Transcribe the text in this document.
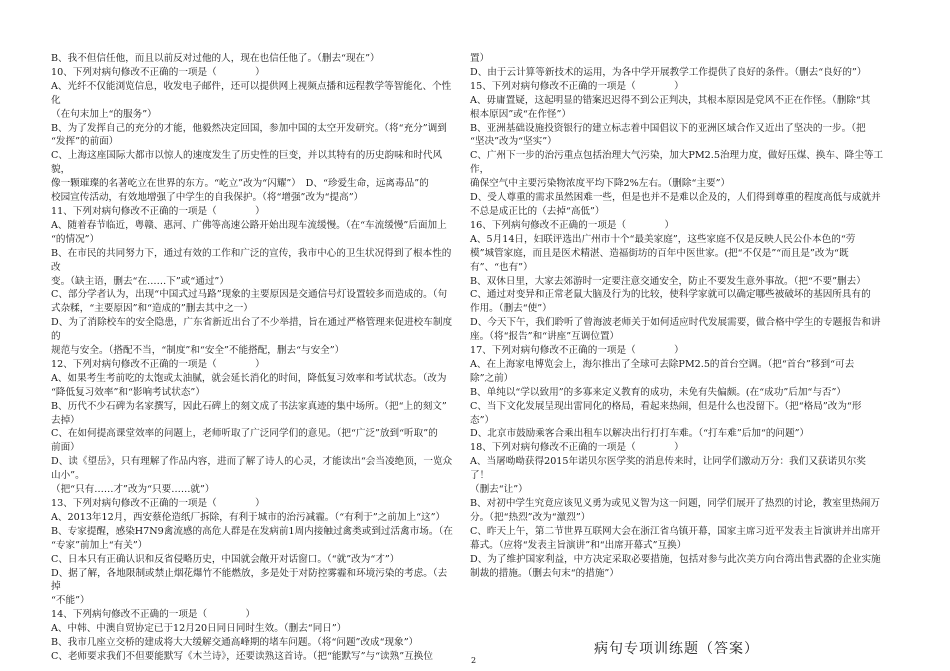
B、我不但信任他，而且以前反对过他的人，现在也信任他了。（删去“现在”）

10、下列对病句修改不正确的一项是（　　　　）

A、光纤不仅能浏览信息，收发电子邮件，还可以提供网上视频点播和远程教学等智能化、个性化

（在句末加上“的服务”）

B、为了发挥自己的充分的才能，他毅然决定回国，参加中国的太空开发研究。（将“充分”调到

“发挥”的前面）

C、上海这座国际大都市以惊人的速度发生了历史性的巨变，并以其特有的历史韵味和时代风貌，

像一颗璀璨的名著屹立在世界的东方。“屹立”改为“闪耀”）　D、“珍爱生命，远离毒品”的

校园宣传活动，有效地增强了中学生的自我保护。（将“增强”改为“提高”）

11、下列对病句修改不正确的一项是（　　　　）

A、随着春节临近，粤赣、惠河、广佛等高速公路开始出现车流缓慢。（在“车流缓慢”后面加上

“的情况”）

B、在市民的共同努力下，通过有效的工作和广泛的宣传，我市中心的卫生状况得到了根本性的改

变。（缺主语，删去“在……下”或“通过”）

C、部分学者认为，出现“中国式过马路”现象的主要原因是交通信号灯设置较多而造成的。（句

式杂糅，“主要原因”和“造成的”删去其中之一）

D、为了消除校车的安全隐患，广东省新近出台了不少举措，旨在通过严格管理来促进校车制度的

规范与安全。（搭配不当，“制度”和“安全”不能搭配，删去“与安全”）

12、下列对病句修改不正确的一项是（　　　　）

A、如果考生考前吃的太饱或太油腻，就会延长消化的时间，降低复习效率和考试状态。（改为

“降低复习效率”和“影响考试状态”）

B、历代不少石碑为名家撰写，因此石碑上的刻文成了书法家真迹的集中场所。（把“上的刻文”

去掉）

C、在如何提高课堂效率的问题上，老师听取了广泛同学们的意见。（把“广泛”放到“听取”的

前面）

D、读《望岳》，只有理解了作品内容，进而了解了诗人的心灵，才能读出“会当凌绝顶，一览众山小”。

（把“只有……才”改为“只要……就”）

13、下列对病句修改不正确的一项是（　　　　）

A、2013年12月，西安蔡伦造纸厂拆除，有利于城市的治污减霾。（“有利于”之前加上“这”）

B、专家提醒，感染H7N9禽流感的高危人群是在发病前1周内接触过禽类或到过活禽市场。（在

“专家”前加上“有关”）

C、日本只有正确认识和反省侵略历史，中国就会敞开对话窗口。（“就”改为“才”）

D、据了解，各地限制或禁止烟花爆竹不能燃放，多是处于对防控雾霾和环境污染的考虑。（去掉

“不能”）

14、下列病句修改不正确的一项是（　　　　）

A、中韩、中澳自贸协定已于12月20日同日同时生效。（删去“同日”）

B、我市几座立交桥的建成将大大缓解交通高峰期的堵车问题。（将“问题”改成“现象”）

C、老师要求我们不但要能默写《木兰诗》，还要读熟这首诗。（把“能默写”与“读熟”互换位

置）

D、由于云计算等新技术的运用，为各中学开展教学工作提供了良好的条件。（删去“良好的”）

15、下列对病句修改不正确的一项是（　　　　）

A、毋庸置疑，这起明显的错案迟迟得不到公正判决，其根本原因是党风不正在作怪。（删除“其

根本原因”或“在作怪”）

B、亚洲基础设施投资银行的建立标志着中国倡议下的亚洲区域合作又近出了坚决的一步。（把

“坚决”改为“坚实”）

C、广州下一步的治污重点包括治理大气污染，加大PM2.5治理力度，做好压煤、换车、降尘等工作，

确保空气中主要污染物浓度平均下降2%左右。（删除“主要”）

D、受人尊重的需求虽然困难一些，但是也并不是难以企及的，人们得到尊重的程度高低与成就并

不总是成正比的（去掉“高低”）

16、下列病句修改不正确的一项是（　　　　）

A、5月14日，妇联评选出广州市十个“最美家庭”，这些家庭不仅是反映人民公仆本色的“劳

模”城管家庭，而且是医术精湛、造福街坊的百年中医世家。(把“不仅是”“而且是”改为“既

有”、“也有”）

B、双休日里，大家去郊游时一定要注意交通安全，防止不要发生意外事故。（把“不要”删去）

C、通过对变异和正常老鼠大脑及行为的比较，使科学家就可以确定哪些被破坏的基因所具有的

作用。（删去“使”）

D、今天下午，我们聆听了曾海波老师关于如何适应时代发展需要，做合格中学生的专题报告和讲

座。（将“报告”和“讲座”互调位置）

17、下列对病句修改不正确的一项是（　　　　）

A、在上海家电博览会上，海尔推出了全球可去除PM2.5的首台空调。（把“首台”移到“可去

除”之前）

B、单纯以“学以致用”的多寡来定义教育的成功，未免有失偏颇。(在“成功”后加“与否”）

C、当下文化发展呈现出雷同化的格局，看起来热闹，但是什么也没留下。（把“格局”改为“形

态”）

D、北京市鼓励乘客合乘出租车以解决出行打打车难。（“打车难”后加“的问题”）

18、下列对病句修改不正确的一项是（　　　　）

A、当屠呦呦获得2015年诺贝尔医学奖的消息传来时，让同学们激动万分：我们又获诺贝尔奖了！

（删去“让”）

B、对初中学生究竟应该见义勇为或见义智为这一问题，同学们展开了热烈的讨论，教室里热闹万

分。（把“热烈”改为“激烈”）

C、昨天上午，第二节世界互联网大会在浙江省乌镇开幕，国家主席习近平发表主旨演讲并出席开

幕式。（应将“发表主旨演讲”和“出席开幕式”互换）

D、为了维护国家利益，中方决定采取必要措施，包括对参与此次美方向台湾出售武器的企业实施

制裁的措施。（删去句末“的措施”）

病句专项训练题（答案）
2
